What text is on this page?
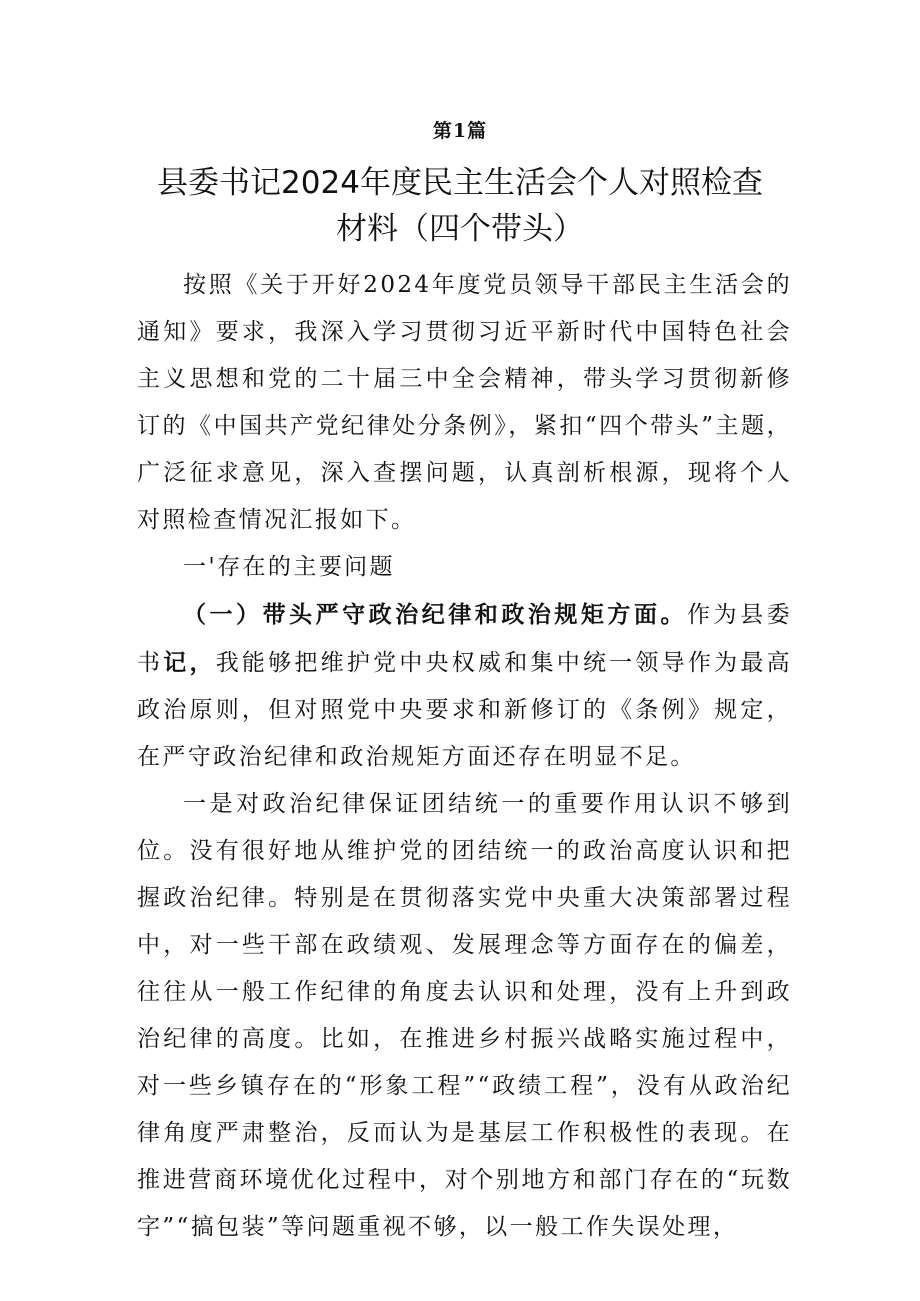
第1篇
县委书记2024年度民主生活会个人对照检查材料（四个带头）

按照《关于开好2024年度党员领导干部民主生活会的通知》要求，我深入学习贯彻习近平新时代中国特色社会主义思想和党的二十届三中全会精神，带头学习贯彻新修订的《中国共产党纪律处分条例》，紧扣“四个带头”主题，广泛征求意见，深入查摆问题，认真剖析根源，现将个人对照检查情况汇报如下。

一'存在的主要问题

（一）带头严守政治纪律和政治规矩方面。作为县委书记，我能够把维护党中央权威和集中统一领导作为最高政治原则，但对照党中央要求和新修订的《条例》规定，在严守政治纪律和政治规矩方面还存在明显不足。

一是对政治纪律保证团结统一的重要作用认识不够到位。没有很好地从维护党的团结统一的政治高度认识和把握政治纪律。特别是在贯彻落实党中央重大决策部署过程中，对一些干部在政绩观、发展理念等方面存在的偏差，往往从一般工作纪律的角度去认识和处理，没有上升到政治纪律的高度。比如，在推进乡村振兴战略实施过程中，对一些乡镇存在的“形象工程”“政绩工程”，没有从政治纪律角度严肃整治，反而认为是基层工作积极性的表现。在推进营商环境优化过程中，对个别地方和部门存在的“玩数字”“搞包装”等问题重视不够，以一般工作失误处理，
